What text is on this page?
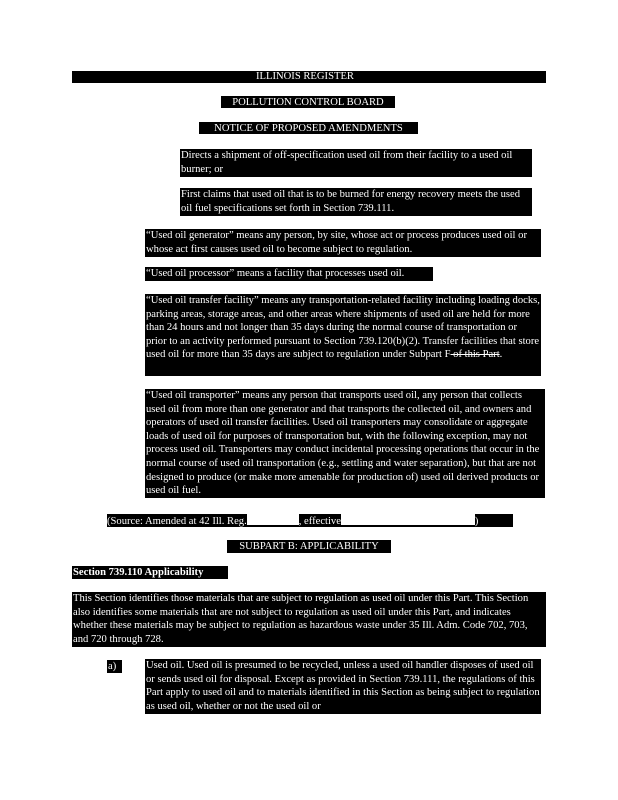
ILLINOIS REGISTER
POLLUTION CONTROL BOARD
NOTICE OF PROPOSED AMENDMENTS
Directs a shipment of off-specification used oil from their facility to a used oil burner; or
First claims that used oil that is to be burned for energy recovery meets the used oil fuel specifications set forth in Section 739.111.
“Used oil generator” means any person, by site, whose act or process produces used oil or whose act first causes used oil to become subject to regulation.
“Used oil processor” means a facility that processes used oil.
“Used oil transfer facility” means any transportation-related facility including loading docks, parking areas, storage areas, and other areas where shipments of used oil are held for more than 24 hours and not longer than 35 days during the normal course of transportation or prior to an activity performed pursuant to Section 739.120(b)(2). Transfer facilities that store used oil for more than 35 days are subject to regulation under Subpart F of this Part.
“Used oil transporter” means any person that transports used oil, any person that collects used oil from more than one generator and that transports the collected oil, and owners and operators of used oil transfer facilities. Used oil transporters may consolidate or aggregate loads of used oil for purposes of transportation but, with the following exception, may not process used oil. Transporters may conduct incidental processing operations that occur in the normal course of used oil transportation (e.g., settling and water separation), but that are not designed to produce (or make more amenable for production of) used oil derived products or used oil fuel.
(Source: Amended at 42 Ill. Reg.	, effective	)
SUBPART B: APPLICABILITY
Section 739.110 Applicability
This Section identifies those materials that are subject to regulation as used oil under this Part. This Section also identifies some materials that are not subject to regulation as used oil under this Part, and indicates whether these materials may be subject to regulation as hazardous waste under 35 Ill. Adm. Code 702, 703, and 720 through 728.
a)	Used oil. Used oil is presumed to be recycled, unless a used oil handler disposes of used oil or sends used oil for disposal. Except as provided in Section 739.111, the regulations of this Part apply to used oil and to materials identified in this Section as being subject to regulation as used oil, whether or not the used oil or
